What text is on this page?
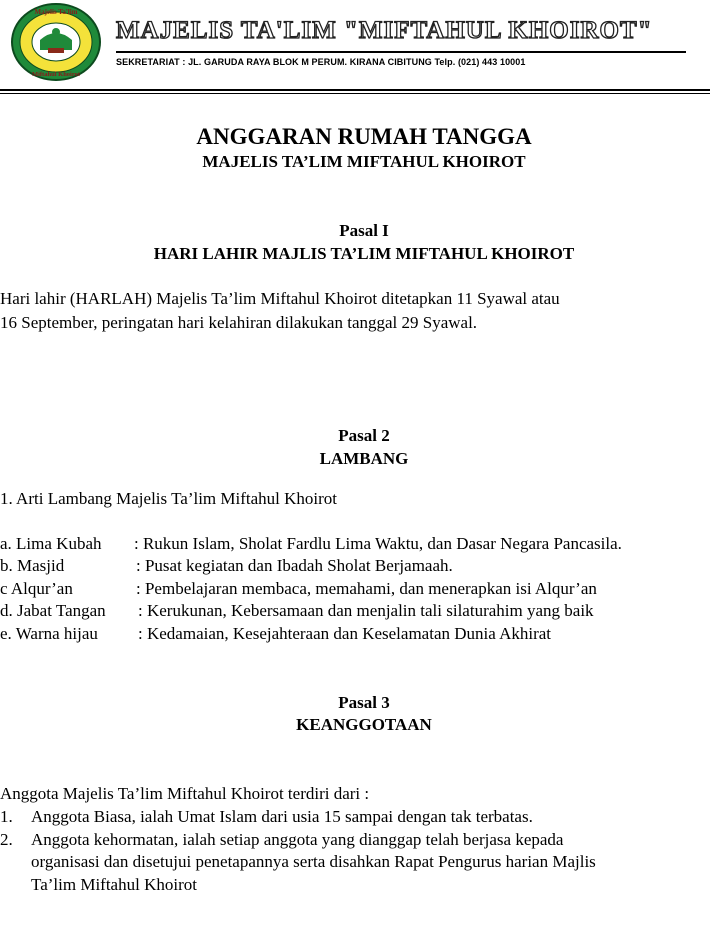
Majelis Ta'lim
Miftahul Khoirot
MAJELIS TA'LIM "MIFTAHUL KHOIROT"
SEKRETARIAT : JL. GARUDA RAYA BLOK M PERUM. KIRANA CIBITUNG Telp. (021) 443 10001
ANGGARAN RUMAH TANGGA
MAJELIS TA’LIM MIFTAHUL KHOIROT
Pasal I
HARI LAHIR MAJLIS TA’LIM MIFTAHUL KHOIROT
Hari lahir (HARLAH) Majelis Ta’lim Miftahul Khoirot ditetapkan 11 Syawal atau
16 September, peringatan hari kelahiran dilakukan tanggal 29 Syawal.
Pasal 2
LAMBANG
1. Arti Lambang Majelis Ta’lim Miftahul Khoirot
a. Lima Kubah : Rukun Islam, Sholat Fardlu Lima Waktu, dan Dasar Negara Pancasila.
b. Masjid	: Pusat kegiatan dan Ibadah Sholat Berjamaah.
c Alqur’an	: Pembelajaran membaca, memahami, dan menerapkan isi Alqur’an
d. Jabat Tangan : Kerukunan, Kebersamaan dan menjalin tali silaturahim yang baik
e. Warna hijau : Kedamaian, Kesejahteraan dan Keselamatan Dunia Akhirat
Pasal 3
KEANGGOTAAN
Anggota Majelis Ta’lim Miftahul Khoirot terdiri dari :
1. Anggota Biasa, ialah Umat Islam dari usia 15 sampai dengan tak terbatas.
2. Anggota kehormatan, ialah setiap anggota yang dianggap telah berjasa kepada
organisasi dan disetujui penetapannya serta disahkan Rapat Pengurus harian Majlis
Ta’lim Miftahul Khoirot
